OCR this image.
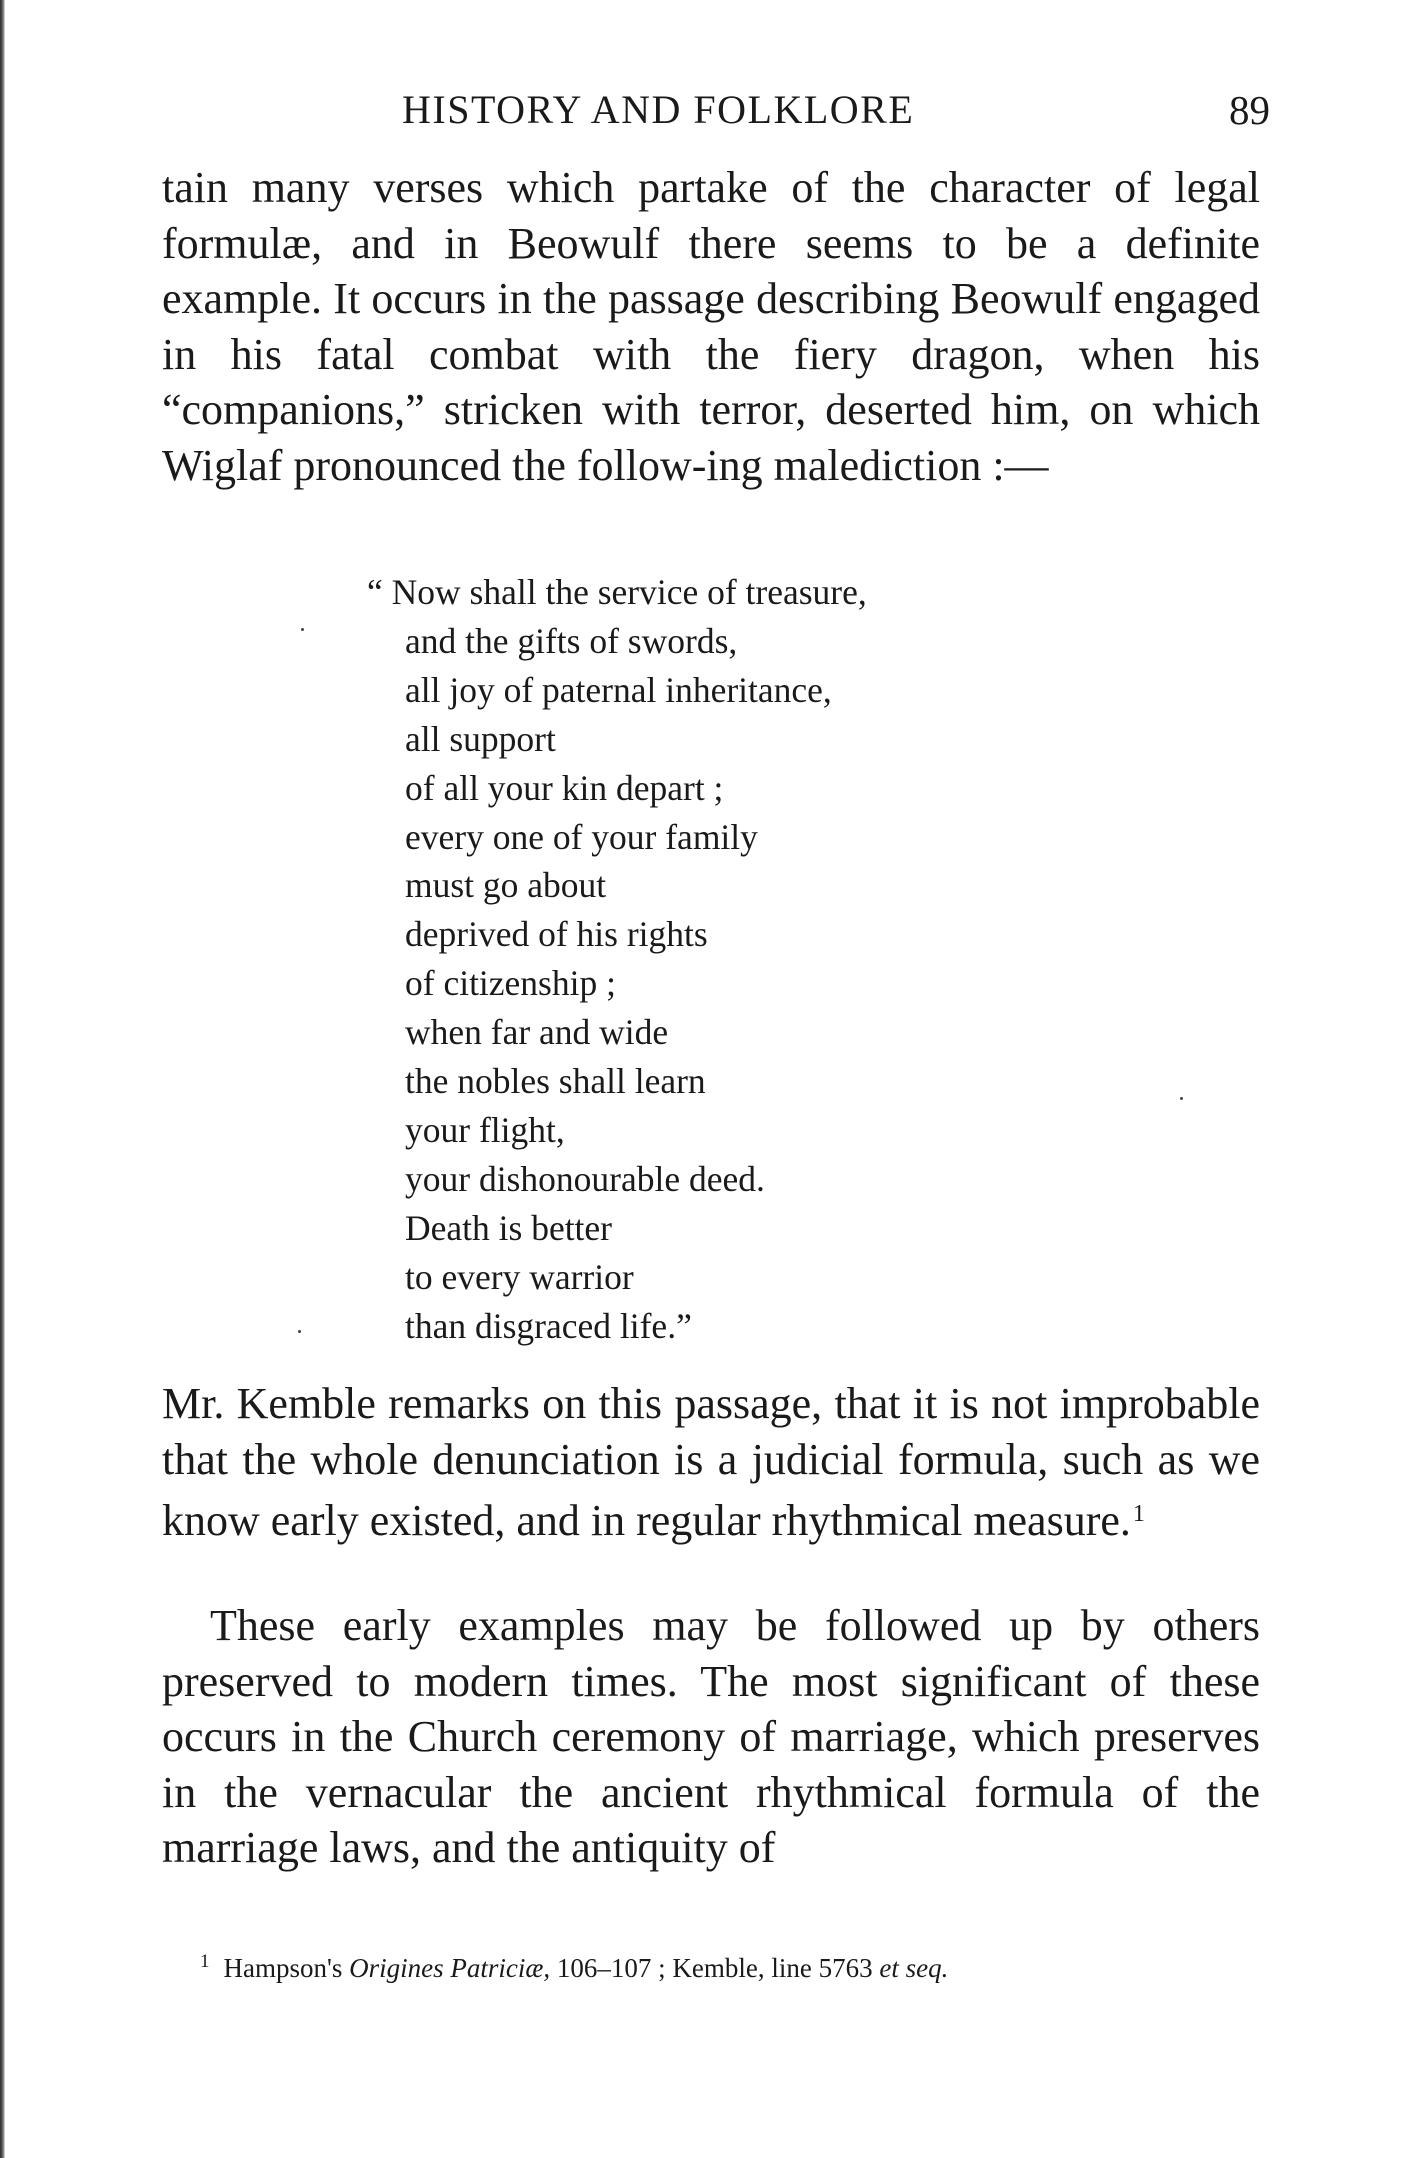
HISTORY AND FOLKLORE	89
tain many verses which partake of the character of legal formulæ, and in Beowulf there seems to be a definite example. It occurs in the passage describing Beowulf engaged in his fatal combat with the fiery dragon, when his “companions,” stricken with terror, deserted him, on which Wiglaf pronounced the follow-ing malediction :—
“ Now shall the service of treasure,
and the gifts of swords,
all joy of paternal inheritance,
all support
of all your kin depart ;
every one of your family
must go about
deprived of his rights
of citizenship ;
when far and wide
the nobles shall learn
your flight,
your dishonourable deed.
Death is better
to every warrior
than disgraced life.”
Mr. Kemble remarks on this passage, that it is not improbable that the whole denunciation is a judicial formula, such as we know early existed, and in regular rhythmical measure.$^1$
These early examples may be followed up by others preserved to modern times. The most significant of these occurs in the Church ceremony of marriage, which preserves in the vernacular the ancient rhythmical formula of the marriage laws, and the antiquity of
$^1$ Hampson's Origines Patriciæ, 106–107 ; Kemble, line 5763 et seq.
